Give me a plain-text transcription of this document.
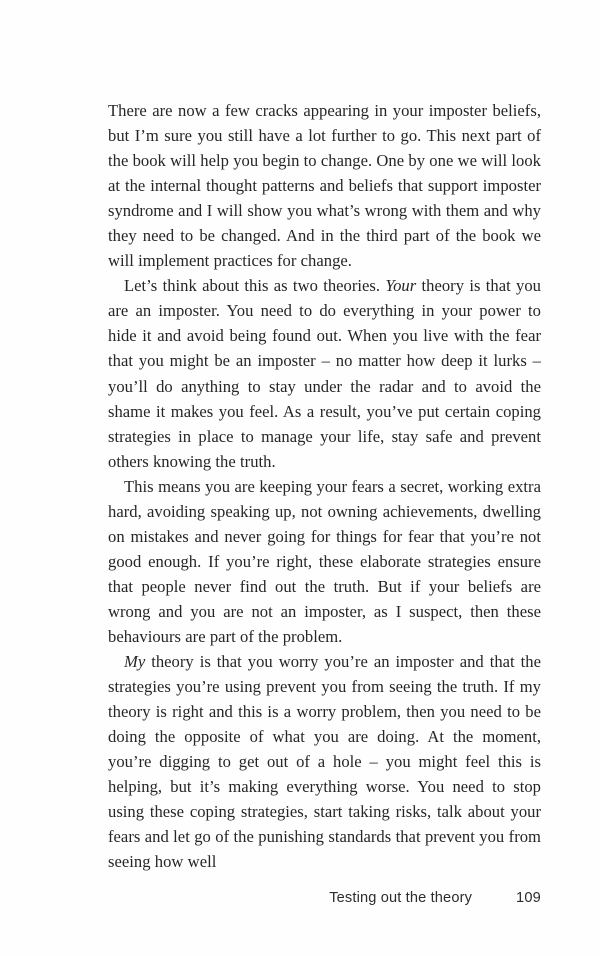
There are now a few cracks appearing in your imposter beliefs, but I’m sure you still have a lot further to go. This next part of the book will help you begin to change. One by one we will look at the internal thought patterns and beliefs that support imposter syndrome and I will show you what’s wrong with them and why they need to be changed. And in the third part of the book we will implement practices for change.

Let’s think about this as two theories. Your theory is that you are an imposter. You need to do everything in your power to hide it and avoid being found out. When you live with the fear that you might be an imposter – no matter how deep it lurks – you’ll do anything to stay under the radar and to avoid the shame it makes you feel. As a result, you’ve put certain coping strategies in place to manage your life, stay safe and prevent others knowing the truth.

This means you are keeping your fears a secret, working extra hard, avoiding speaking up, not owning achievements, dwelling on mistakes and never going for things for fear that you’re not good enough. If you’re right, these elaborate strategies ensure that people never find out the truth. But if your beliefs are wrong and you are not an imposter, as I suspect, then these behaviours are part of the problem.

My theory is that you worry you’re an imposter and that the strategies you’re using prevent you from seeing the truth. If my theory is right and this is a worry problem, then you need to be doing the opposite of what you are doing. At the moment, you’re digging to get out of a hole – you might feel this is helping, but it’s making everything worse. You need to stop using these coping strategies, start taking risks, talk about your fears and let go of the punishing standards that prevent you from seeing how well

Testing out the theory	109
